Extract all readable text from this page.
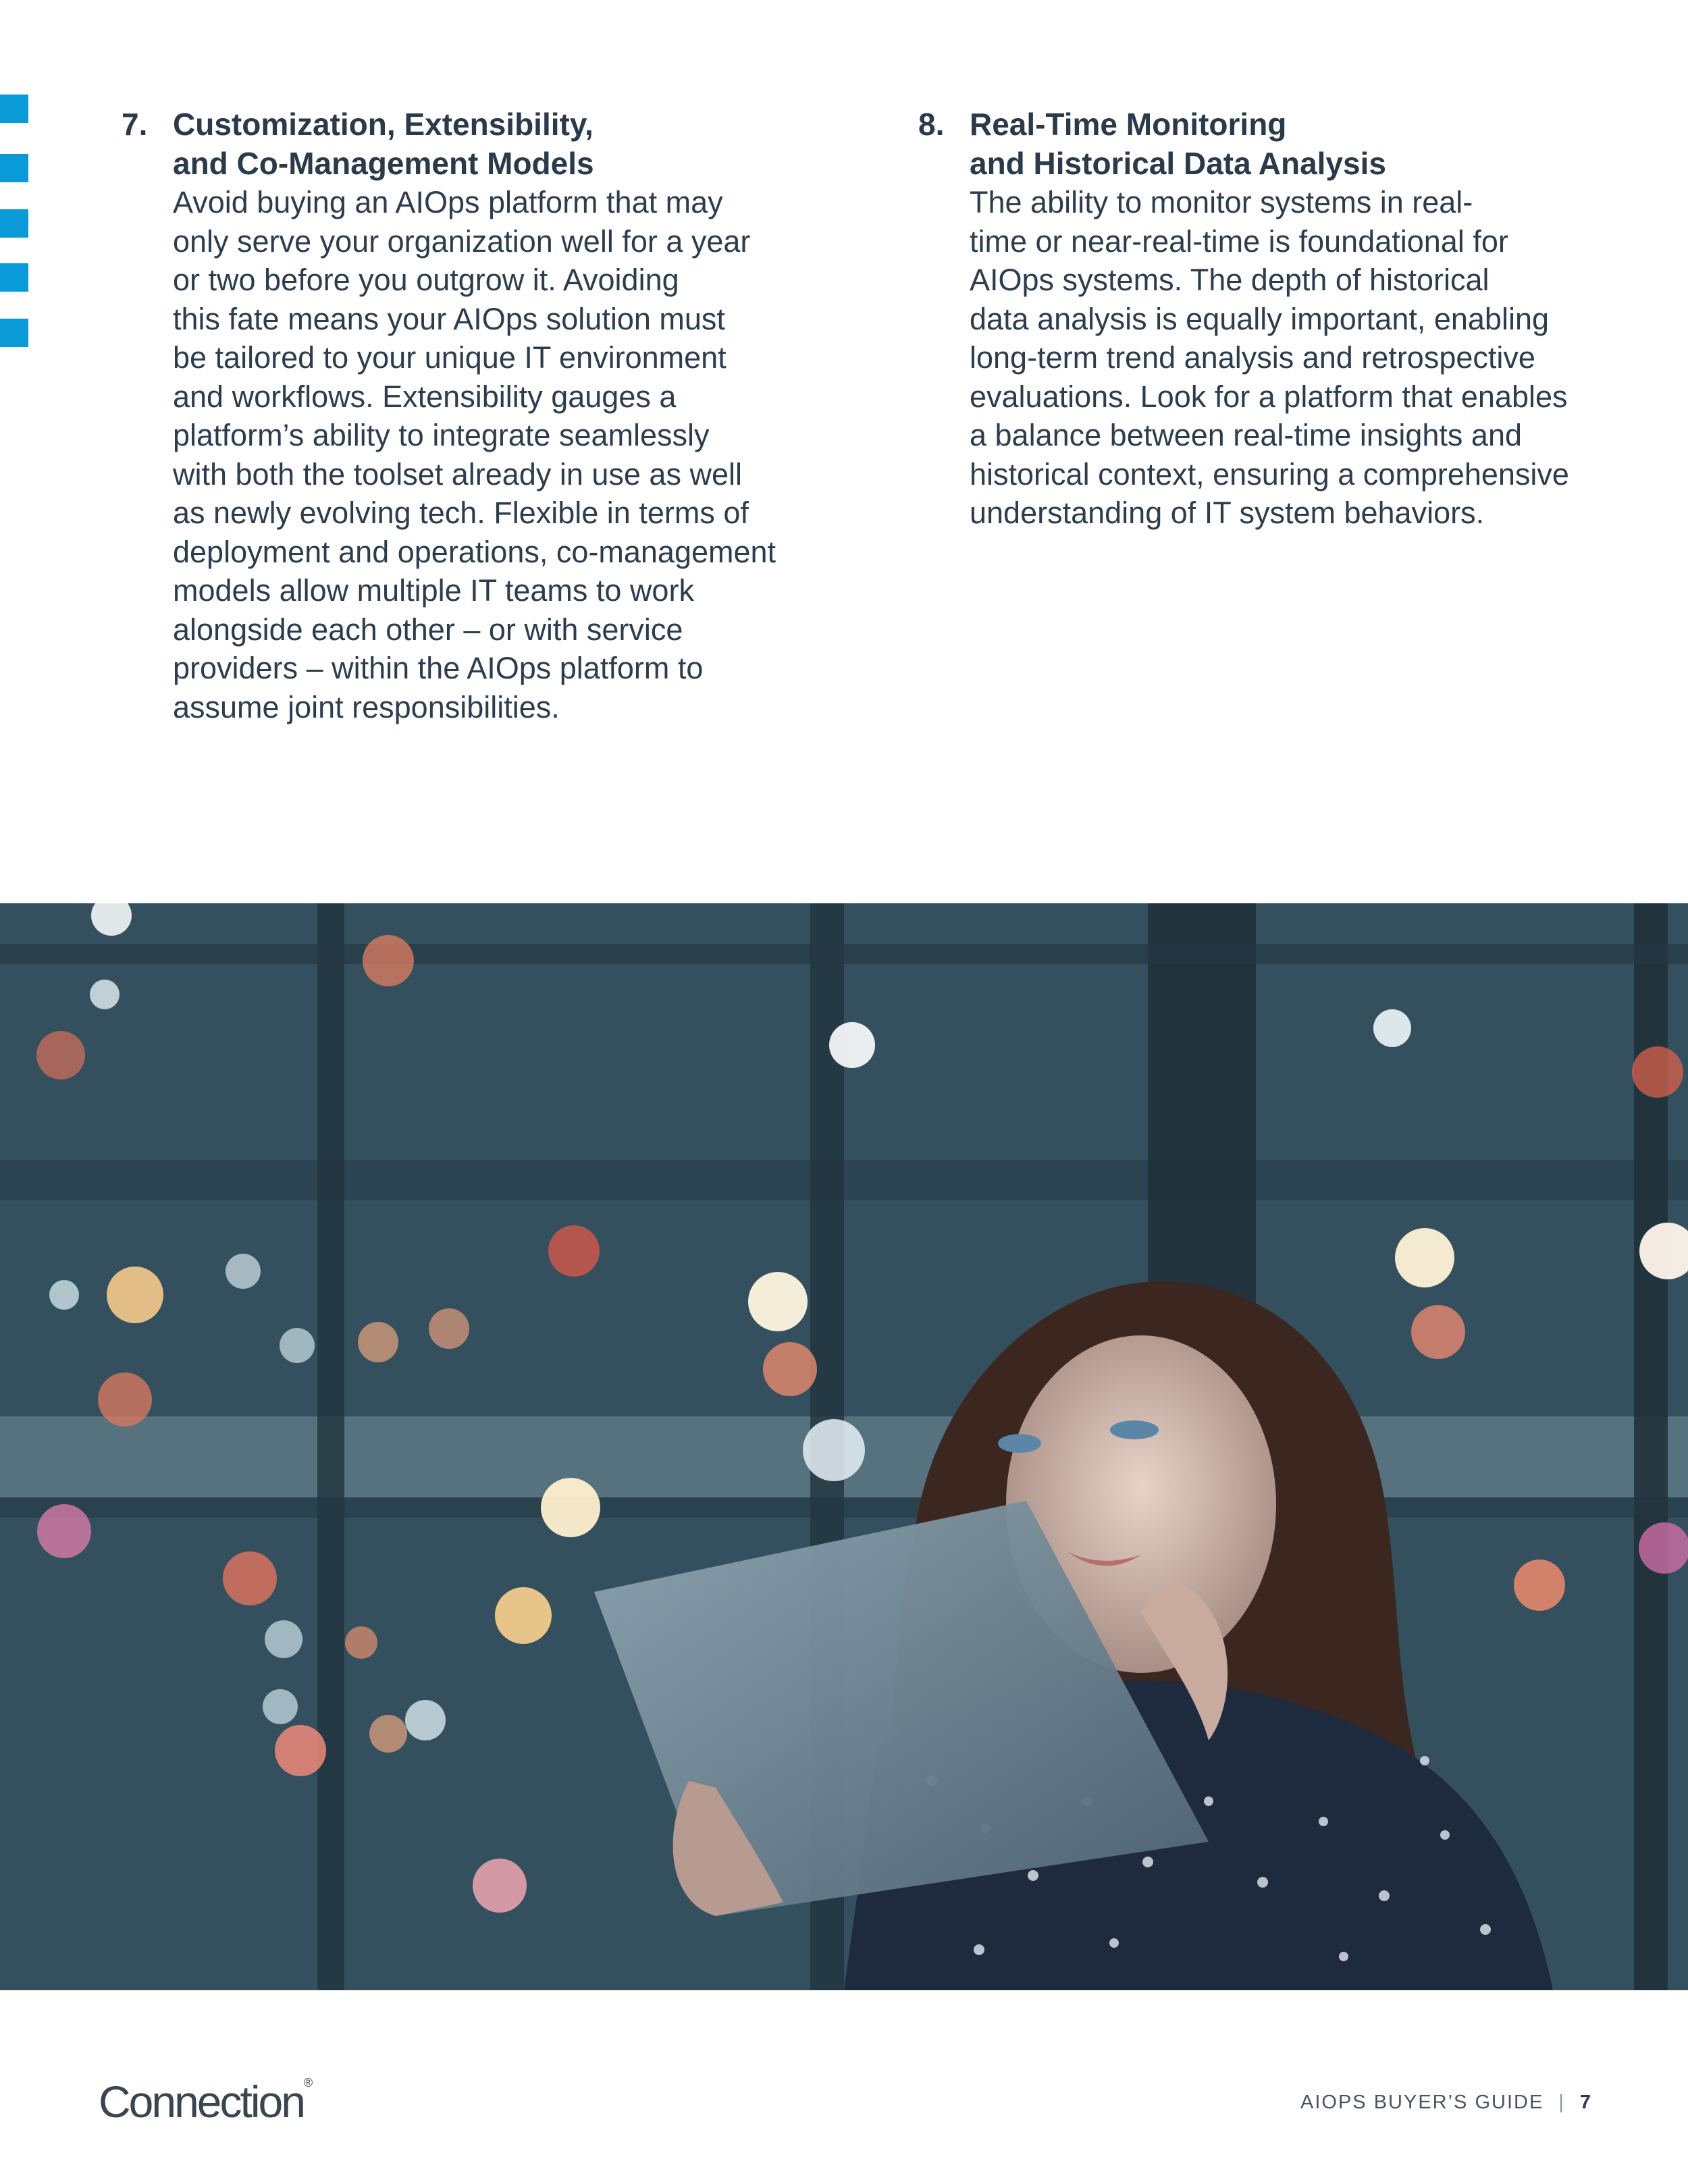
7. Customization, Extensibility,
and Co-Management Models
Avoid buying an AIOps platform that may
only serve your organization well for a year
or two before you outgrow it. Avoiding
this fate means your AIOps solution must
be tailored to your unique IT environment
and workflows. Extensibility gauges a
platform’s ability to integrate seamlessly
with both the toolset already in use as well
as newly evolving tech. Flexible in terms of
deployment and operations, co-management
models allow multiple IT teams to work
alongside each other – or with service
providers – within the AIOps platform to
assume joint responsibilities.
8. Real-Time Monitoring
and Historical Data Analysis
The ability to monitor systems in real-
time or near-real-time is foundational for
AIOps systems. The depth of historical
data analysis is equally important, enabling
long-term trend analysis and retrospective
evaluations. Look for a platform that enables
a balance between real-time insights and
historical context, ensuring a comprehensive
understanding of IT system behaviors.
Connection®
AIOPS BUYER’S GUIDE | 7
